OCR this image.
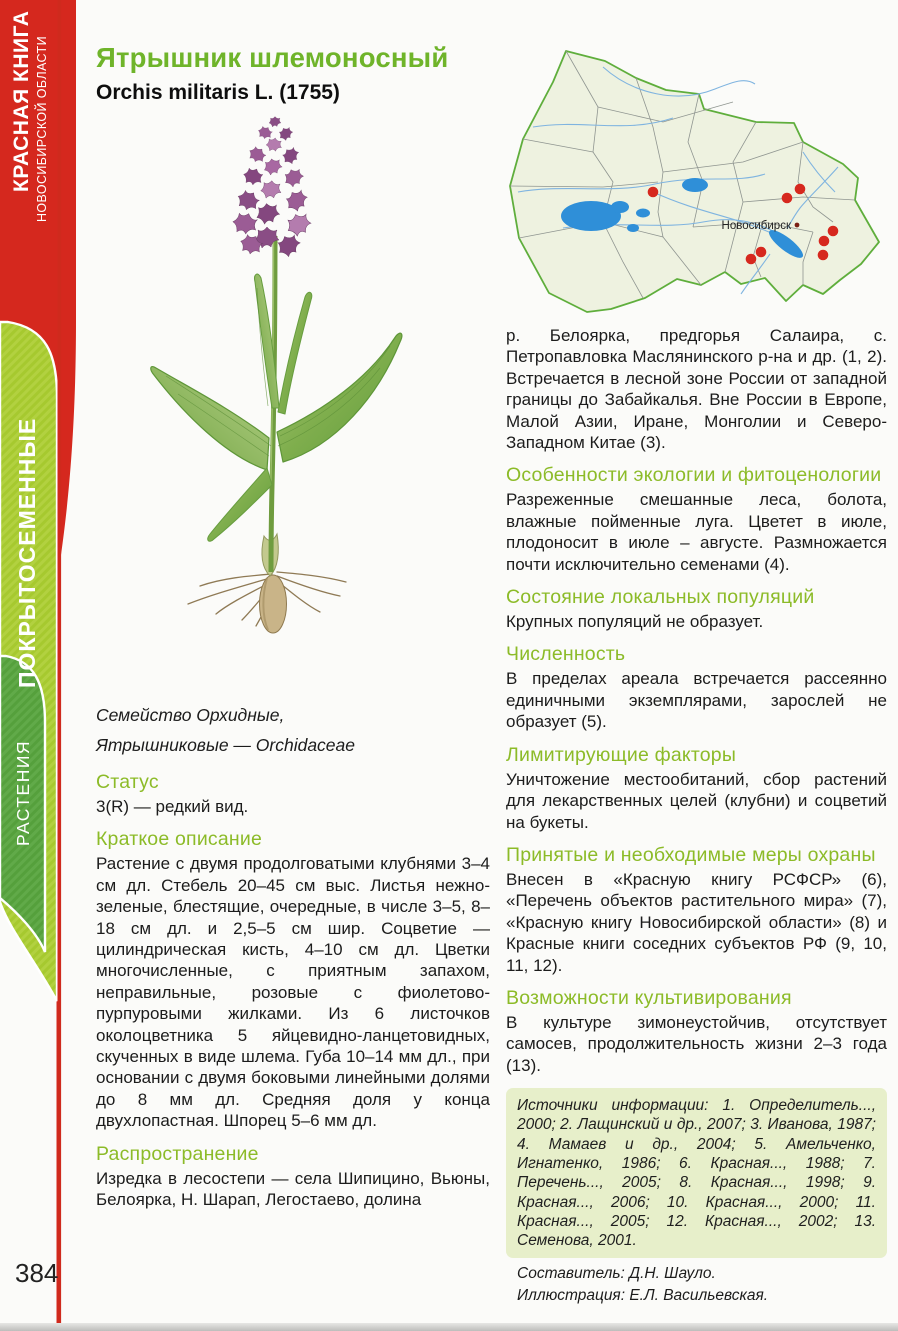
КРАСНАЯ КНИГА НОВОСИБИРСКОЙ ОБЛАСТИ
ПОКРЫТОСЕМЕННЫЕ
РАСТЕНИЯ
384
Ятрышник шлемоносный
Orchis militaris L. (1755)
Новосибирск
Семейство Орхидные,
Ятрышниковые — Orchidaceae
Статус

3(R) — редкий вид.

Краткое описание

Растение с двумя продолговатыми клубнями 3–4 см дл. Стебель 20–45 см выс. Листья нежно-зеленые, блестящие, очередные, в числе 3–5, 8–18 см дл. и 2,5–5 см шир. Соцветие — цилиндрическая кисть, 4–10 см дл. Цветки многочисленные, с приятным запахом, неправильные, розовые с фиолетово-пурпуровыми жилками. Из 6 листочков околоцветника 5 яйцевидно-ланцетовидных, скученных в виде шлема. Губа 10–14 мм дл., при основании с двумя боковыми линейными долями до 8 мм дл. Средняя доля у конца двухлопастная. Шпорец 5–6 мм дл.

Распространение

Изредка в лесостепи — села Шипицино, Вьюны, Белоярка, Н. Шарап, Легостаево, долина

р. Белоярка, предгорья Салаира, с. Петропавловка Маслянинского р-на и др. (1, 2). Встречается в лесной зоне России от западной границы до Забайкалья. Вне России в Европе, Малой Азии, Иране, Монголии и Северо-Западном Китае (3).

Особенности экологии и фитоценологии

Разреженные смешанные леса, болота, влажные пойменные луга. Цветет в июле, плодоносит в июле – августе. Размножается почти исключительно семенами (4).

Состояние локальных популяций

Крупных популяций не образует.

Численность

В пределах ареала встречается рассеянно единичными экземплярами, зарослей не образует (5).

Лимитирующие факторы

Уничтожение местообитаний, сбор растений для лекарственных целей (клубни) и соцветий на букеты.

Принятые и необходимые меры охраны

Внесен в «Красную книгу РСФСР» (6), «Перечень объектов растительного мира» (7), «Красную книгу Новосибирской области» (8) и Красные книги соседних субъектов РФ (9, 10, 11, 12).

Возможности культивирования

В культуре зимонеустойчив, отсутствует самосев, продолжительность жизни 2–3 года (13).

Источники информации: 1. Определитель..., 2000; 2. Лащинский и др., 2007; 3. Иванова, 1987; 4. Мамаев и др., 2004; 5. Амельченко, Игнатенко, 1986; 6. Красная..., 1988; 7. Перечень..., 2005; 8. Красная..., 1998; 9. Красная..., 2006; 10. Красная..., 2000; 11. Красная..., 2005; 12. Красная..., 2002; 13. Семенова, 2001.

Составитель: Д.Н. Шауло.

Иллюстрация: Е.Л. Васильевская.
